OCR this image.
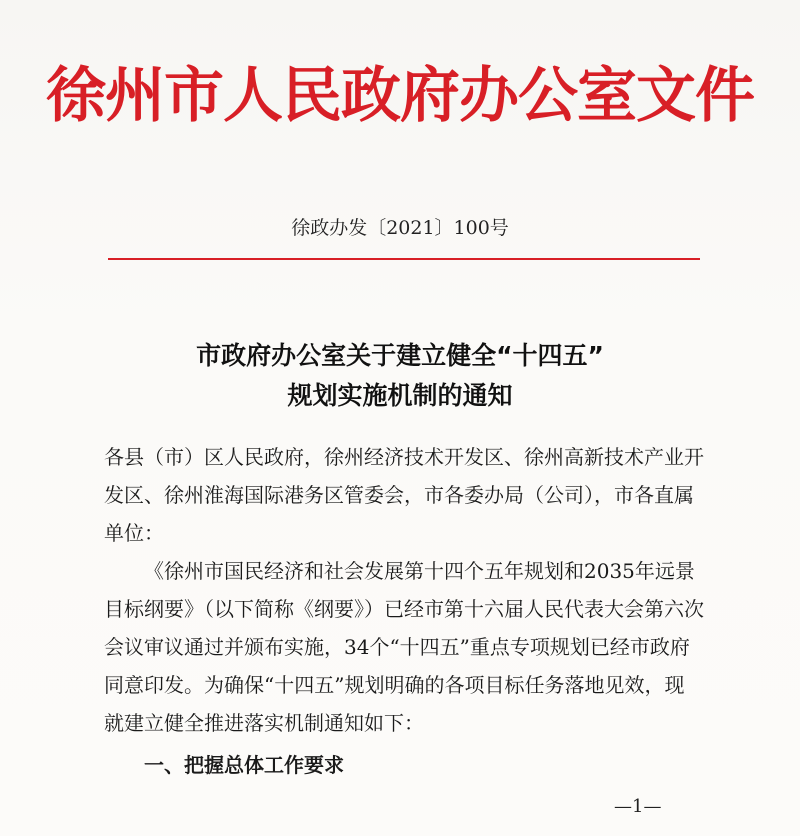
徐州市人民政府办公室文件
徐政办发〔2021〕100号
市政府办公室关于建立健全“十四五”
规划实施机制的通知

各县（市）区人民政府，徐州经济技术开发区、徐州高新技术产业开发区、徐州淮海国际港务区管委会，市各委办局（公司），市各直属单位：

《徐州市国民经济和社会发展第十四个五年规划和2035年远景目标纲要》（以下简称《纲要》）已经市第十六届人民代表大会第六次会议审议通过并颁布实施，34个“十四五”重点专项规划已经市政府同意印发。为确保“十四五”规划明确的各项目标任务落地见效，现就建立健全推进落实机制通知如下：

一、把握总体工作要求

—1—
